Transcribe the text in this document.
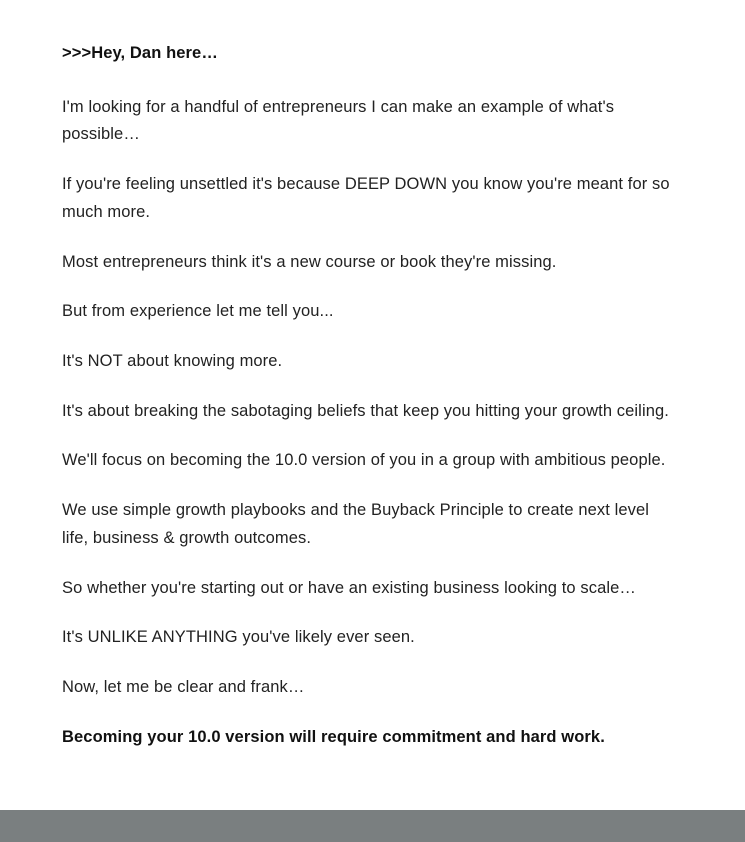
>>>Hey, Dan here…

I'm looking for a handful of entrepreneurs I can make an example of what's possible…

If you're feeling unsettled it's because DEEP DOWN you know you're meant for so much more.

Most entrepreneurs think it's a new course or book they're missing.

But from experience let me tell you...

It's NOT about knowing more.

It's about breaking the sabotaging beliefs that keep you hitting your growth ceiling.

We'll focus on becoming the 10.0 version of you in a group with ambitious people.

We use simple growth playbooks and the Buyback Principle to create next level life, business & growth outcomes.

So whether you're starting out or have an existing business looking to scale…

It's UNLIKE ANYTHING you've likely ever seen.

Now, let me be clear and frank…

Becoming your 10.0 version will require commitment and hard work.
